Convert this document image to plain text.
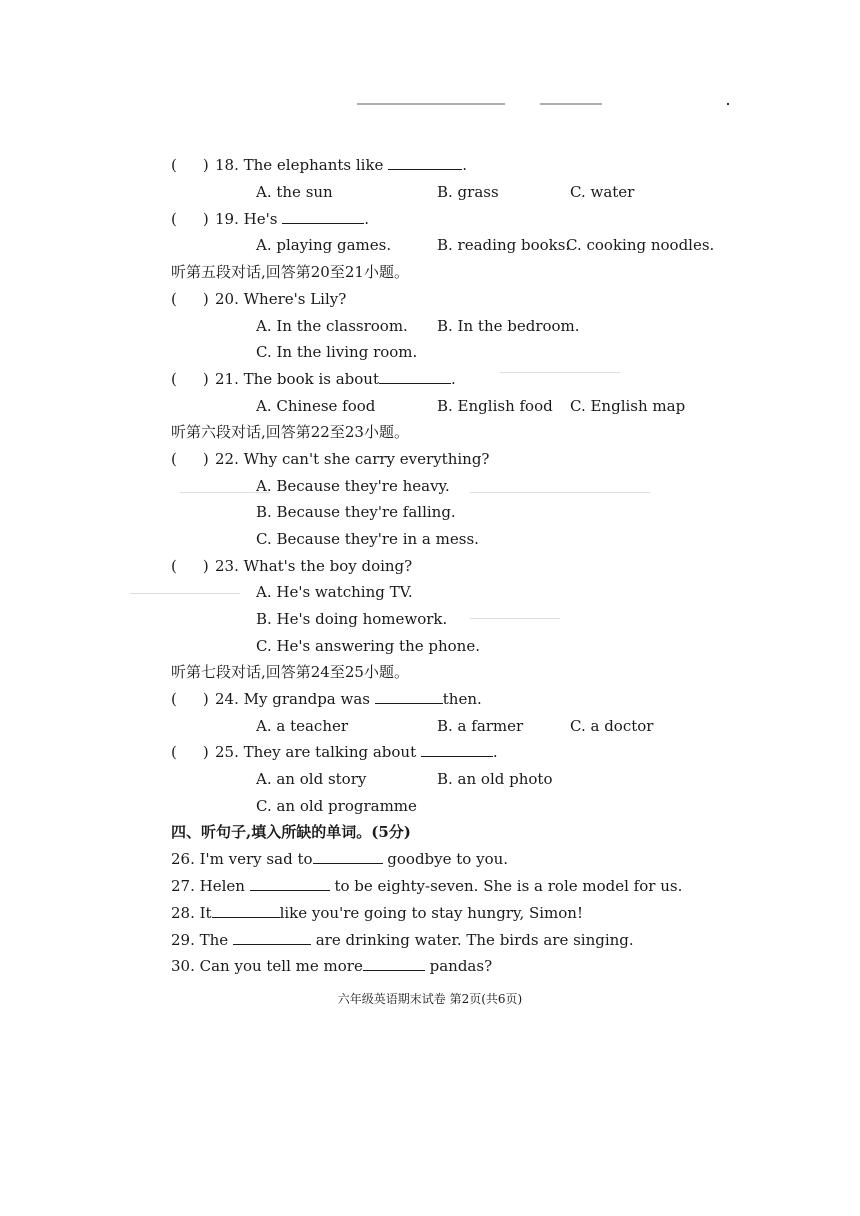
( ) 18. The elephants like	.
A. the sun	B. grass	C. water
( ) 19. He's	.
A. playing games.	B. reading books.
C. cooking noodles.
听第五段对话,回答第20至21小题。
( ) 20. Where's Lily?
A. In the classroom. B. In the bedroom.
C. In the living room.
( ) 21. The book is about	.
A. Chinese food	B. English food C. English map
听第六段对话,回答第22至23小题。
( ) 22. Why can't she carry everything?
A. Because they're heavy.
B. Because they're falling.
C. Because they're in a mess.
( ) 23. What's the boy doing?
A. He's watching TV.
B. He's doing homework.
C. He's answering the phone.
听第七段对话,回答第24至25小题。
( ) 24. My grandpa was	then.
A. a teacher	B. a farmer	C. a doctor
( ) 25. They are talking about	.
A. an old story	B. an old photo
C. an old programme
四、听句子,填入所缺的单词。(5分)
26. I'm very sad to	goodbye to you.
27. Helen	to be eighty-seven. She is a role model for us.
28. It	like you're going to stay hungry, Simon!
29. The	are drinking water. The birds are singing.
30. Can you tell me more	pandas?
六年级英语期末试卷 第2页(共6页)
